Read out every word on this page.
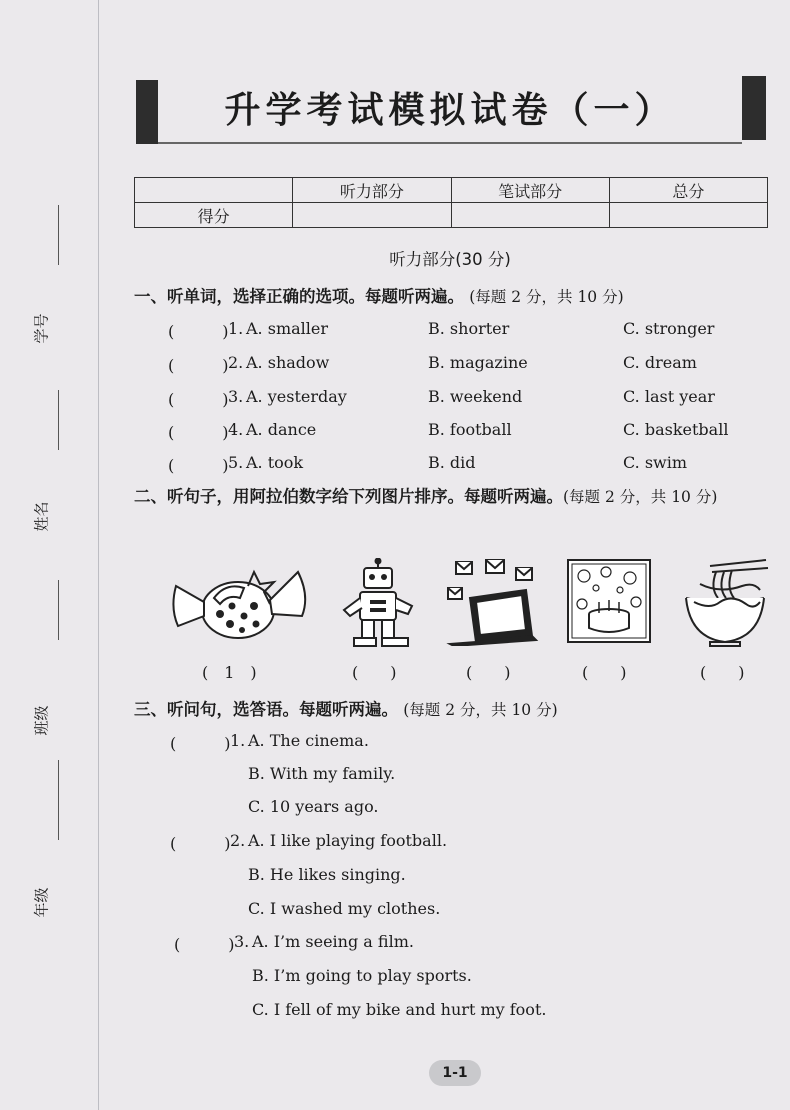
学号
姓名
班级
年级
升学考试模拟试卷（一）
	听力部分	笔试部分	总分
得分			
听力部分(30 分)
一、听单词，选择正确的选项。每题听两遍。 (每题 2 分，共 10 分)
(　　　) 1. A. smaller	B. shorter	C. stronger
(　　　) 2. A. shadow	B. magazine	C. dream
(　　　) 3. A. yesterday	B. weekend	C. last year
(　　　) 4. A. dance	B. football	C. basketball
(　　　) 5. A. took	B. did	C. swim
二、听句子，用阿拉伯数字给下列图片排序。每题听两遍。(每题 2 分，共 10 分)
(　1　)	(　　)	(　　)	(　　)	(　　)
三、听问句，选答语。每题听两遍。 (每题 2 分，共 10 分)
(　　　) 1. A. The cinema.
B. With my family.
C. 10 years ago.
(　　　) 2. A. I like playing football.
B. He likes singing.
C. I washed my clothes.
(　　　) 3. A. I’m seeing a film.
B. I’m going to play sports.
C. I fell of my bike and hurt my foot.
1-1
